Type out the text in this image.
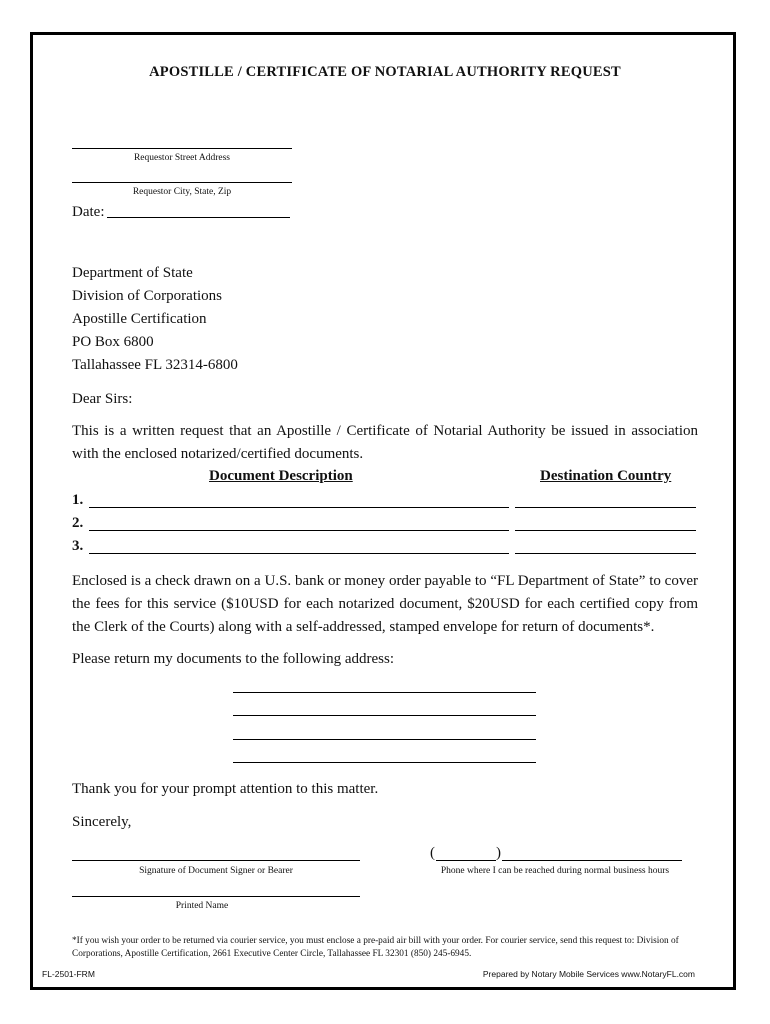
APOSTILLE / CERTIFICATE OF NOTARIAL AUTHORITY REQUEST
Requestor Street Address
Requestor City, State, Zip
Date:
Department of State
Division of Corporations
Apostille Certification
PO Box 6800
Tallahassee FL 32314-6800
Dear Sirs:
This is a written request that an Apostille / Certificate of Notarial Authority be issued in association with the enclosed notarized/certified documents.
Document Description	Destination Country
1.
2.
3.
Enclosed is a check drawn on a U.S. bank or money order payable to “FL Department of State” to cover the fees for this service ($10USD for each notarized document, $20USD for each certified copy from the Clerk of the Courts) along with a self-addressed, stamped envelope for return of documents*.
Please return my documents to the following address:
Thank you for your prompt attention to this matter.
Sincerely,
Signature of Document Signer or Bearer
(	)
Phone where I can be reached during normal business hours
Printed Name
*If you wish your order to be returned via courier service, you must enclose a pre-paid air bill with your order. For courier service, send this request to: Division of Corporations, Apostille Certification, 2661 Executive Center Circle, Tallahassee FL 32301 (850) 245-6945.
FL-2501-FRM	Prepared by Notary Mobile Services www.NotaryFL.com
